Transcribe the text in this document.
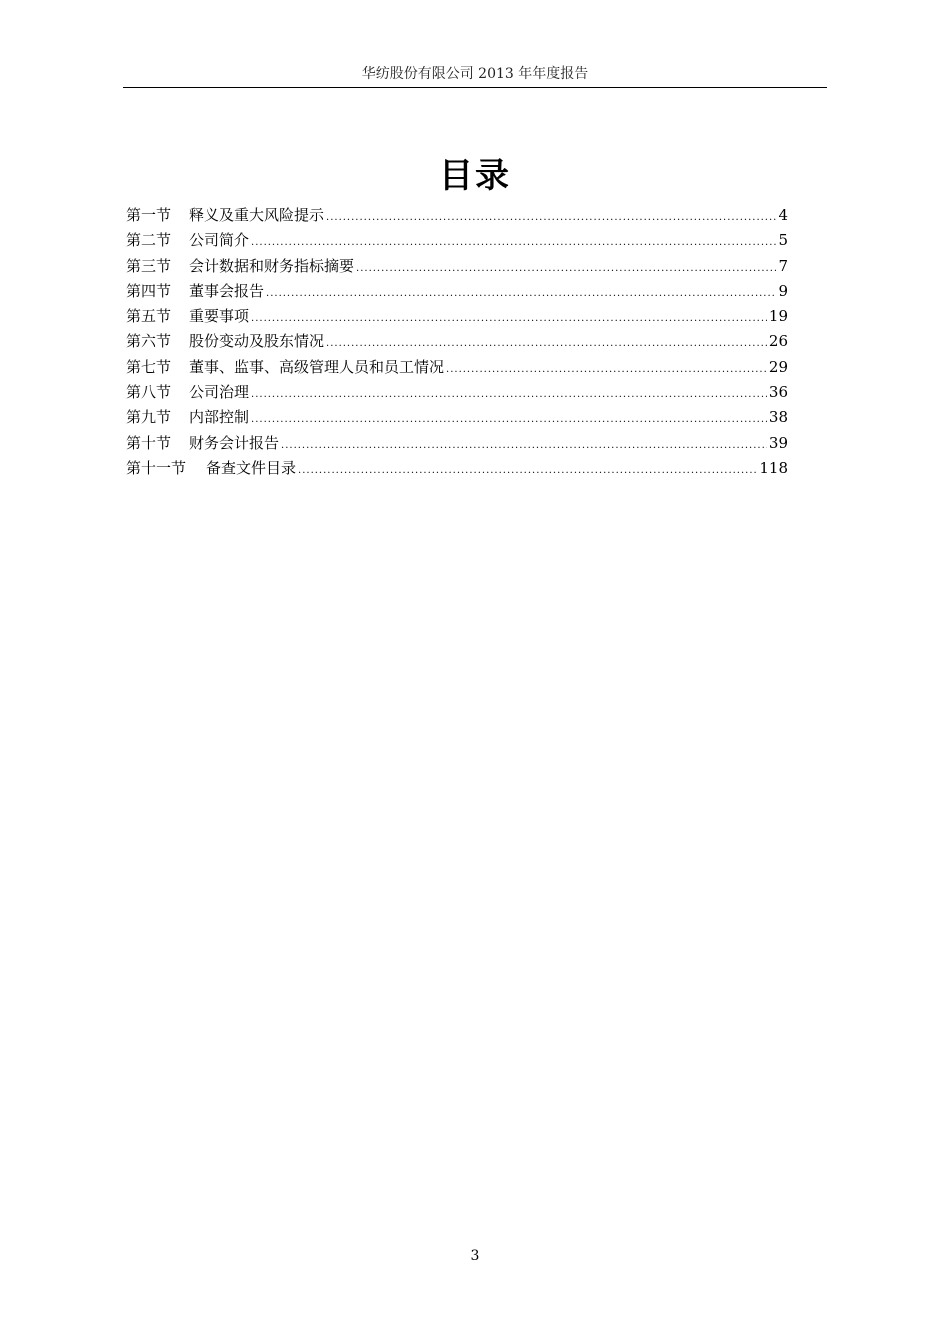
华纺股份有限公司 2013 年年度报告
目录
第一节	释义及重大风险提示 .....	4
第二节	公司简介 .....	5
第三节	会计数据和财务指标摘要 .....	7
第四节	董事会报告 .....	9
第五节	重要事项 .....	19
第六节	股份变动及股东情况 .....	26
第七节	董事、监事、高级管理人员和员工情况 .....	29
第八节	公司治理 .....	36
第九节	内部控制 .....	38
第十节	财务会计报告 .....	39
第十一节	备查文件目录 .....	118
3
